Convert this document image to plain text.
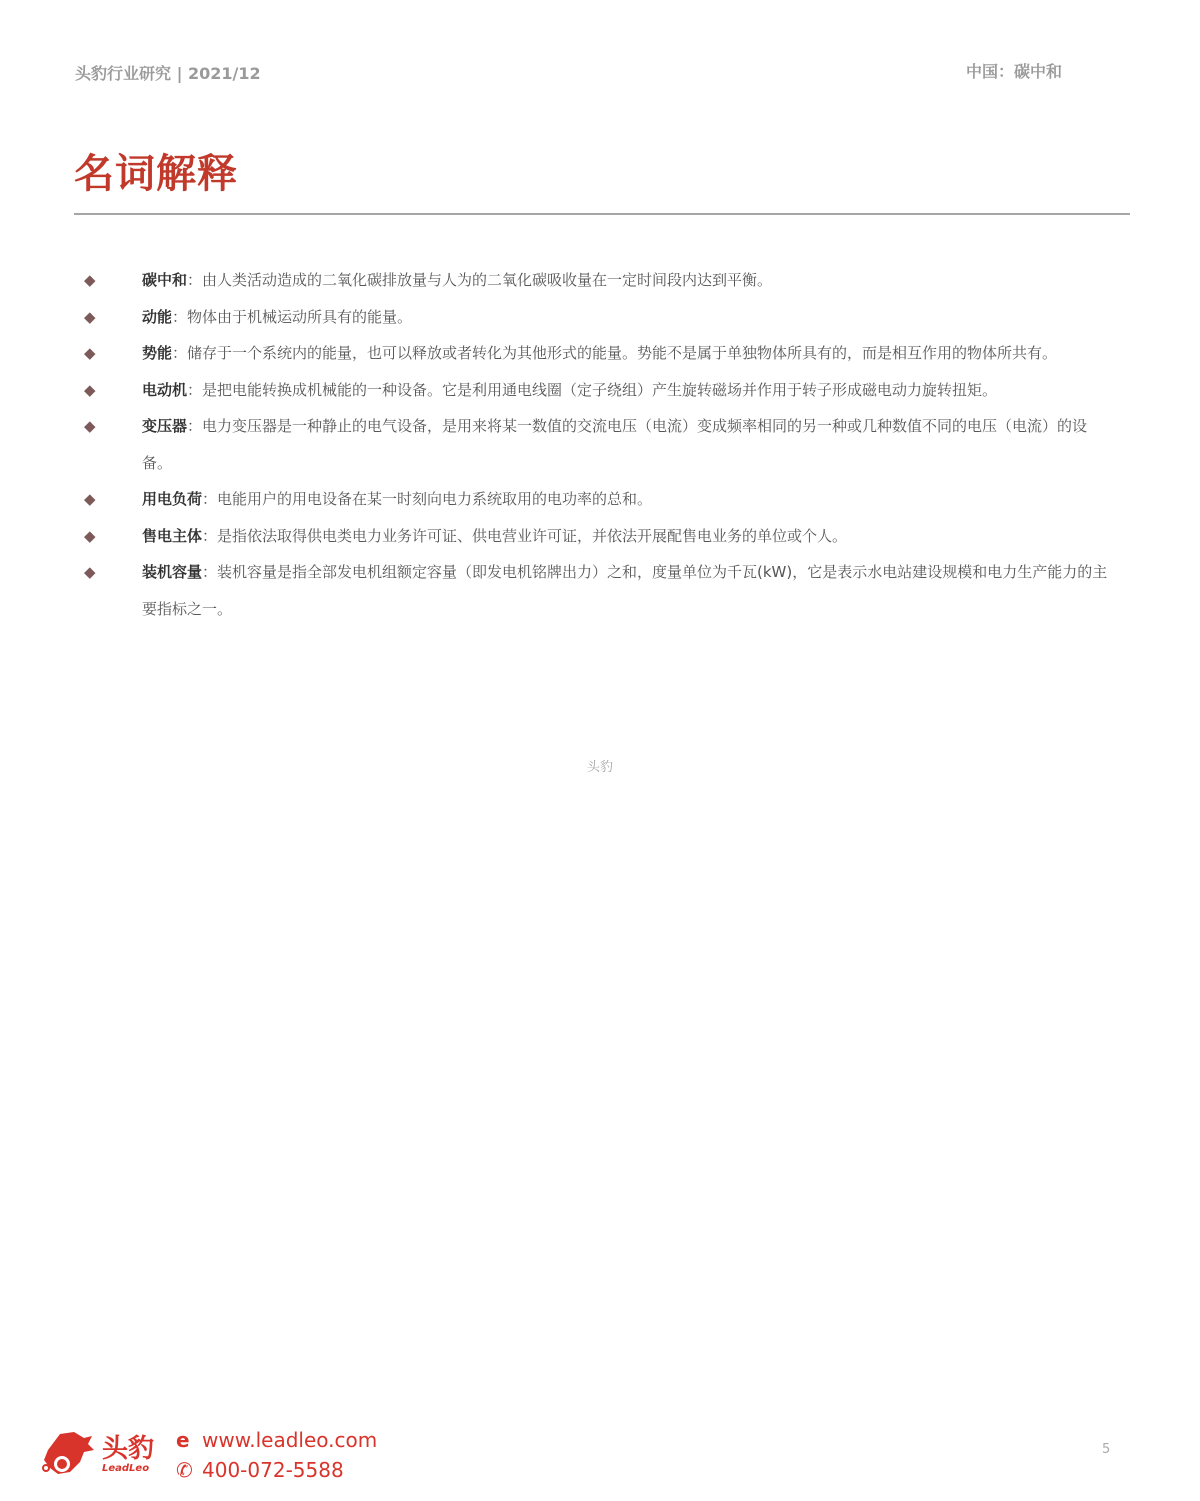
头豹行业研究 | 2021/12	中国：碳中和
名词解释
◆	碳中和：由人类活动造成的二氧化碳排放量与人为的二氧化碳吸收量在一定时间段内达到平衡。
◆	动能：物体由于机械运动所具有的能量。
◆	势能：储存于一个系统内的能量，也可以释放或者转化为其他形式的能量。势能不是属于单独物体所具有的，而是相互作用的物体所共有。
◆	电动机：是把电能转换成机械能的一种设备。它是利用通电线圈（定子绕组）产生旋转磁场并作用于转子形成磁电动力旋转扭矩。
◆	变压器：电力变压器是一种静止的电气设备，是用来将某一数值的交流电压（电流）变成频率相同的另一种或几种数值不同的电压（电流）的设备。
◆	用电负荷：电能用户的用电设备在某一时刻向电力系统取用的电功率的总和。
◆	售电主体：是指依法取得供电类电力业务许可证、供电营业许可证，并依法开展配售电业务的单位或个人。
◆	装机容量：装机容量是指全部发电机组额定容量（即发电机铭牌出力）之和，度量单位为千瓦(kW)，它是表示水电站建设规模和电力生产能力的主要指标之一。
头豹
头豹
LeadLeo
e www.leadleo.com
✆ 400-072-5588
5
